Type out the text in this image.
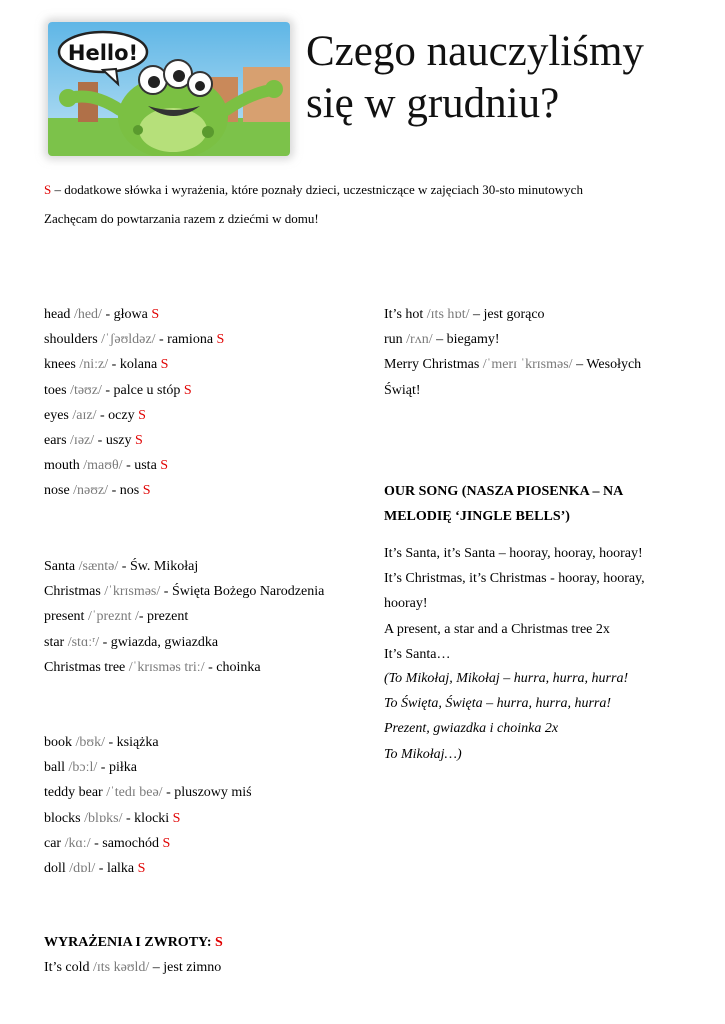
Hello!	Czego nauczyliśmy
się w grudniu?
S – dodatkowe słówka i wyrażenia, które poznały dzieci, uczestniczące w zajęciach 30-sto minutowych
Zachęcam do powtarzania razem z dziećmi w domu!
head /hed/ - głowa S
shoulders /ˈʃəʊldəz/ - ramiona S
knees /niːz/ - kolana S
toes /təʊz/ - palce u stóp S
eyes /aɪz/ - oczy S
ears /ɪəz/ - uszy S
mouth /maʊθ/ - usta S
nose /nəʊz/ - nos S
Santa /sæntə/ - Św. Mikołaj
Christmas /ˈkrɪsməs/ - Święta Bożego Narodzenia
present /ˈpreznt /- prezent
star /stɑːʳ/ - gwiazda, gwiazdka
Christmas tree /ˈkrɪsməs triː/ - choinka
book /bʊk/ - książka
ball /bɔːl/ - piłka
teddy bear /ˈtedɪ beə/ - pluszowy miś
blocks /blɒks/ - klocki S
car /kɑː/ - samochód S
doll /dɒl/ - lalka S
WYRAŻENIA I ZWROTY: S
It’s cold /ɪts kəʊld/ – jest zimno
It’s hot /ɪts hɒt/ – jest gorąco
run /rʌn/ – biegamy!
Merry Christmas /ˈmerɪ ˈkrɪsməs/ – Wesołych
Świąt!
OUR SONG (NASZA PIOSENKA – NA
MELODIĘ ‘JINGLE BELLS’)
It’s Santa, it’s Santa – hooray, hooray, hooray!
It’s Christmas, it’s Christmas - hooray, hooray,
hooray!
A present, a star and a Christmas tree 2x
It’s Santa…
(To Mikołaj, Mikołaj – hurra, hurra, hurra!
To Święta, Święta – hurra, hurra, hurra!
Prezent, gwiazdka i choinka 2x
To Mikołaj…)
